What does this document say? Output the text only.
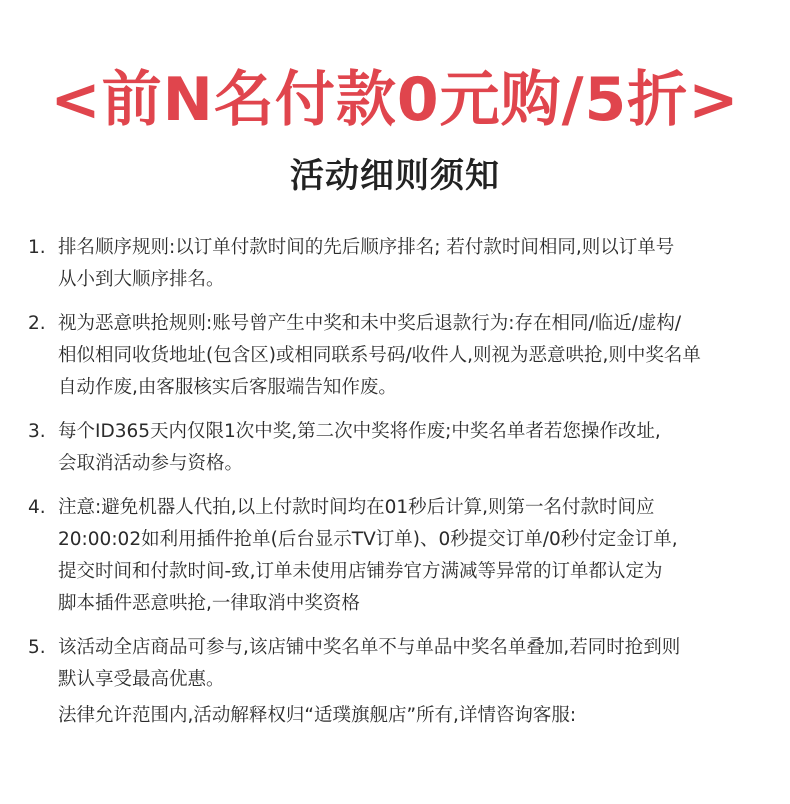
<前N名付款0元购/5折>
活动细则须知
1. 排名顺序规则:以订单付款时间的先后顺序排名; 若付款时间相同,则以订单号
从小到大顺序排名。
2. 视为恶意哄抢规则:账号曾产生中奖和未中奖后退款行为:存在相同/临近/虚构/
相似相同收货地址(包含区)或相同联系号码/收件人,则视为恶意哄抢,则中奖名单
自动作废,由客服核实后客服端告知作废。
3. 每个ID365天内仅限1次中奖,第二次中奖将作废;中奖名单者若您操作改址,
会取消活动参与资格。
4. 注意:避免机器人代拍,以上付款时间均在01秒后计算,则第一名付款时间应
20:00:02如利用插件抢单(后台显示TV订单)、0秒提交订单/0秒付定金订单,
提交时间和付款时间-致,订单未使用店铺券官方满减等异常的订单都认定为
脚本插件恶意哄抢,一律取消中奖资格
5. 该活动全店商品可参与,该店铺中奖名单不与单品中奖名单叠加,若同时抢到则
默认享受最高优惠。
法律允许范围内,活动解释权归“适璞旗舰店”所有,详情咨询客服:
